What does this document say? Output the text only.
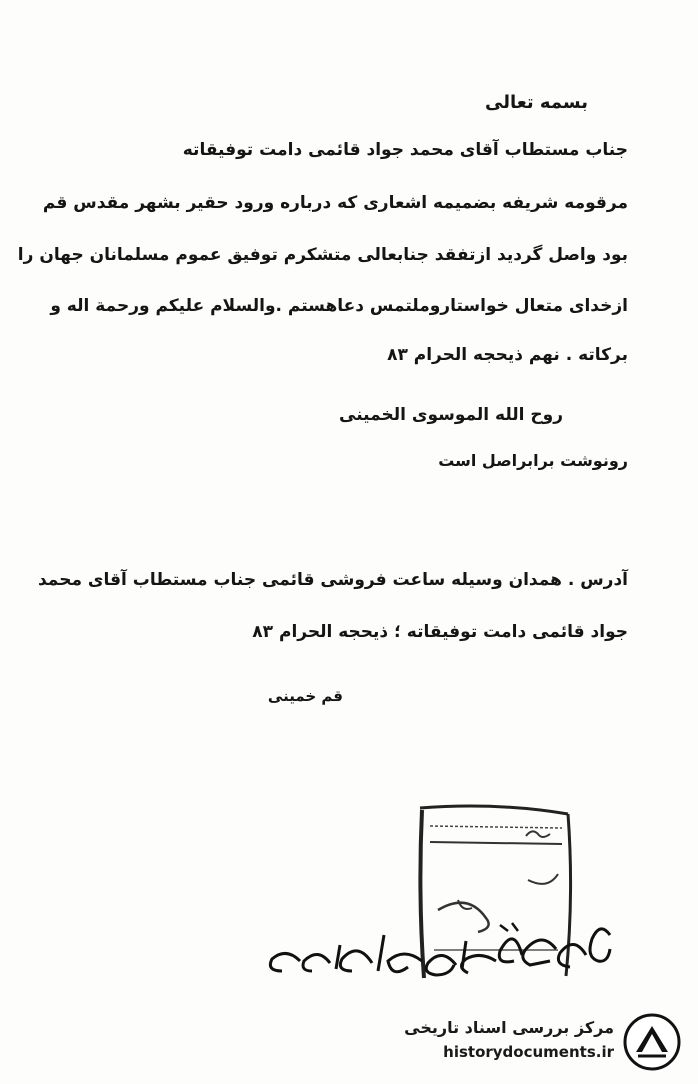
بسمه تعالی
جناب مستطاب آقای محمد جواد قائمی دامت توفیقاته
مرقومه شریفه بضمیمه اشعاری که درباره ورود حقیر بشهر مقدس قم
بود واصل گردید ازتفقد جنابعالی متشکرم توفیق عموم مسلمانان جهان را
ازخدای متعال خواستاروملتمس دعاهستم .والسلام علیکم ورحمة اله و
برکاته . نهم ذیحجه الحرام ۸۳
روح الله الموسوی الخمینی
رونوشت برابراصل است
آدرس . همدان وسیله ساعت فروشی قائمی جناب مستطاب آقای محمد
جواد قائمی دامت توفیقاته ؛ ذیحجه الحرام ۸۳
قم خمینی
مرکز بررسی اسناد تاریخی
historydocuments.ir
